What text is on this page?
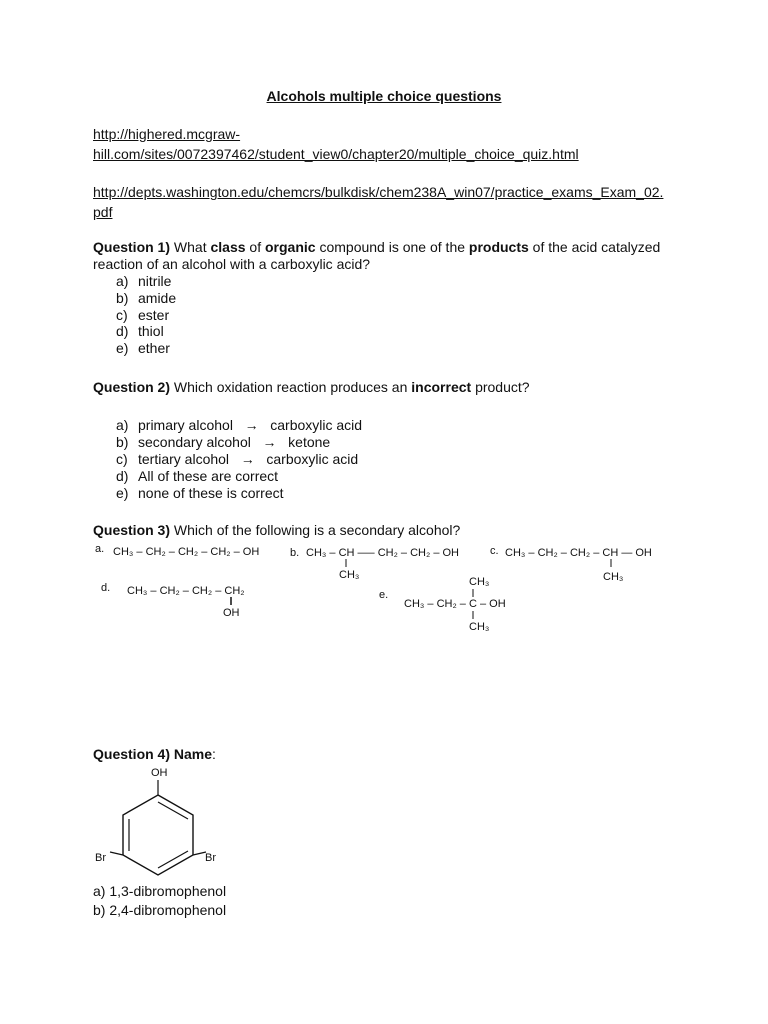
Alcohols multiple choice questions
http://highered.mcgraw-
hill.com/sites/0072397462/student_view0/chapter20/multiple_choice_quiz.html
http://depts.washington.edu/chemcrs/bulkdisk/chem238A_win07/practice_exams_Exam_02.
pdf
Question 1) What class of organic compound is one of the products of the acid catalyzed
reaction of an alcohol with a carboxylic acid?
a) nitrile
b) amide
c) ester
d) thiol
e) ether
Question 2) Which oxidation reaction produces an incorrect product?
a) primary alcohol   →   carboxylic acid
b) secondary alcohol   →   ketone
c) tertiary alcohol   →   carboxylic acid
d) All of these are correct
e) none of these is correct
Question 3) Which of the following is a secondary alcohol?
a. CH₃ – CH₂ – CH₂ – CH₂ – OH	b. CH₃ – CH —– CH₂ – CH₂ – OH
CH₃
c. CH₃ – CH₂ – CH₂ – CH — OH
CH₃
d. CH₃ – CH₂ – CH₂ – CH₂
OH
e.
CH₃
CH₃ – CH₂ – C – OH
CH₃
OH
Br	Br
Question 4) Name:
a) 1,3-dibromophenol
b) 2,4-dibromophenol
